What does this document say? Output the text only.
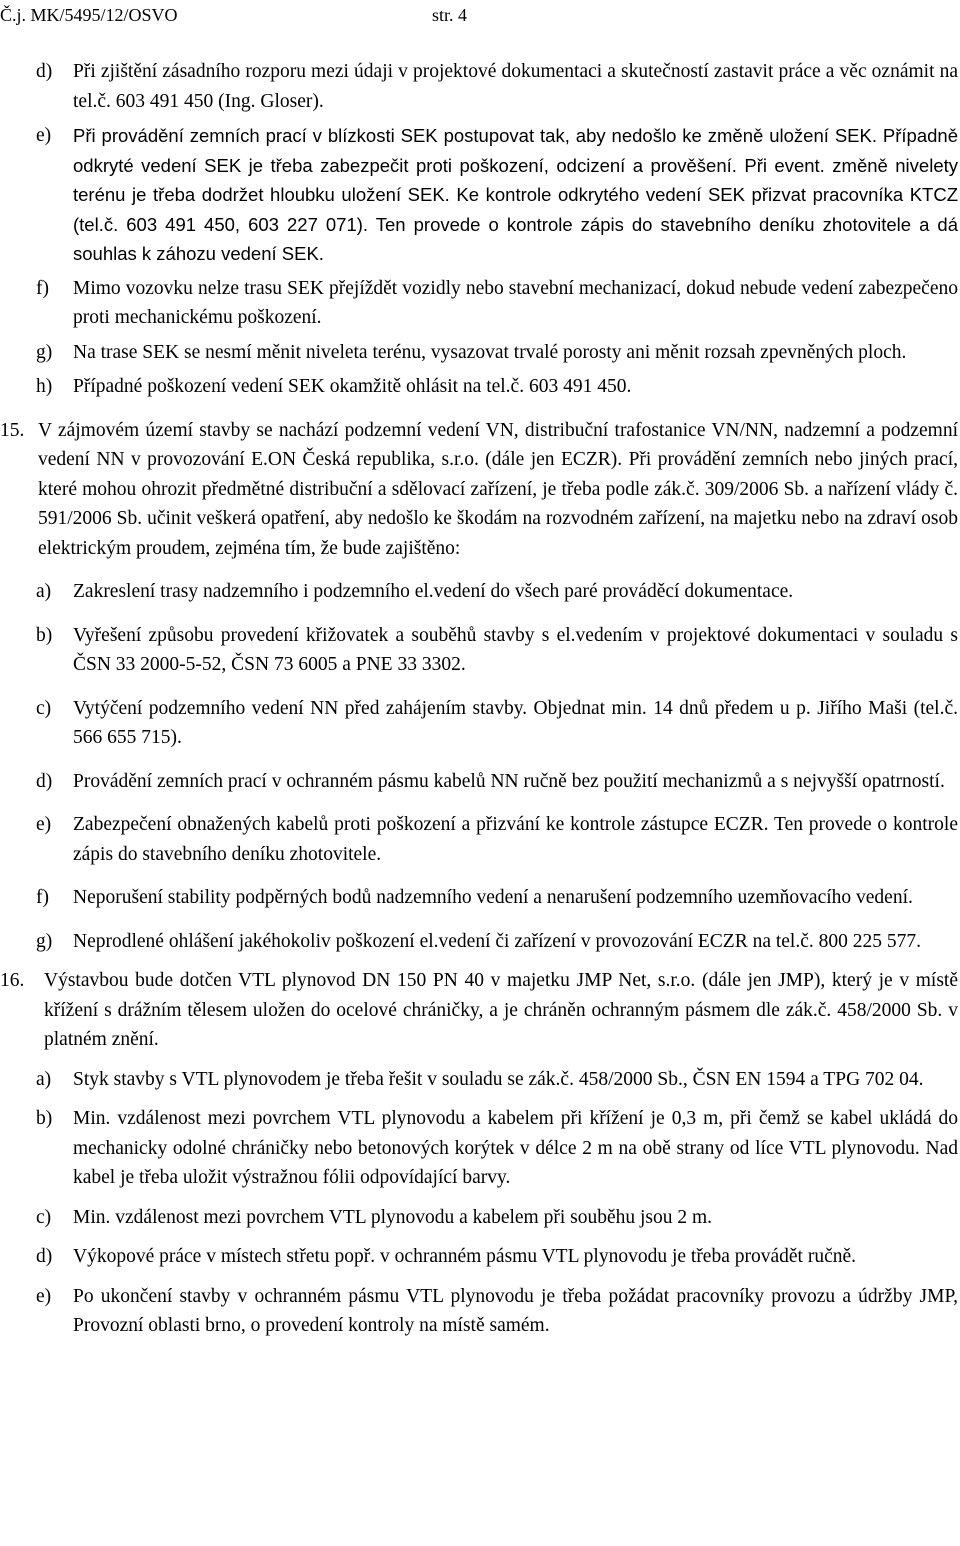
Č.j. MK/5495/12/OSVO	str. 4
d)	Při zjištění zásadního rozporu mezi údaji v projektové dokumentaci a skutečností zastavit práce a věc oznámit na tel.č. 603 491 450 (Ing. Gloser).
e)	Při provádění zemních prací v blízkosti SEK postupovat tak, aby nedošlo ke změně uložení SEK. Případně odkryté vedení SEK je třeba zabezpečit proti poškození, odcizení a prověšení. Při event. změně nivelety terénu je třeba dodržet hloubku uložení SEK. Ke kontrole odkrytého vedení SEK přizvat pracovníka KTCZ (tel.č. 603 491 450, 603 227 071). Ten provede o kontrole zápis do stavebního deníku zhotovitele a dá souhlas k záhozu vedení SEK.
f)	Mimo vozovku nelze trasu SEK přejíždět vozidly nebo stavební mechanizací, dokud nebude vedení zabezpečeno proti mechanickému poškození.
g)	Na trase SEK se nesmí měnit niveleta terénu, vysazovat trvalé porosty ani měnit rozsah zpevněných ploch.
h)	Případné poškození vedení SEK okamžitě ohlásit na tel.č. 603 491 450.
15. V zájmovém území stavby se nachází podzemní vedení VN, distribuční trafostanice VN/NN, nadzemní a podzemní vedení NN v provozování E.ON Česká republika, s.r.o. (dále jen ECZR). Při provádění zemních nebo jiných prací, které mohou ohrozit předmětné distribuční a sdělovací zařízení, je třeba podle zák.č. 309/2006 Sb. a nařízení vlády č. 591/2006 Sb. učinit veškerá opatření, aby nedošlo ke škodám na rozvodném zařízení, na majetku nebo na zdraví osob elektrickým proudem, zejména tím, že bude zajištěno:
a)	Zakreslení trasy nadzemního i podzemního el.vedení do všech paré prováděcí dokumentace.
b)	Vyřešení způsobu provedení křižovatek a souběhů stavby s el.vedením v projektové dokumentaci v souladu s ČSN 33 2000-5-52, ČSN 73 6005 a PNE 33 3302.
c)	Vytýčení podzemního vedení NN před zahájením stavby. Objednat min. 14 dnů předem u p. Jiřího Maši (tel.č. 566 655 715).
d)	Provádění zemních prací v ochranném pásmu kabelů NN ručně bez použití mechanizmů a s nejvyšší opatrností.
e)	Zabezpečení obnažených kabelů proti poškození a přizvání ke kontrole zástupce ECZR. Ten provede o kontrole zápis do stavebního deníku zhotovitele.
f)	Neporušení stability podpěrných bodů nadzemního vedení a nenarušení podzemního uzemňovacího vedení.
g)	Neprodlené ohlášení jakéhokoliv poškození el.vedení či zařízení v provozování ECZR na tel.č. 800 225 577.
16.	Výstavbou bude dotčen VTL plynovod DN 150 PN 40 v majetku JMP Net, s.r.o. (dále jen JMP), který je v místě křížení s drážním tělesem uložen do ocelové chráničky, a je chráněn ochranným pásmem dle zák.č. 458/2000 Sb. v platném znění.
a)	Styk stavby s VTL plynovodem je třeba řešit v souladu se zák.č. 458/2000 Sb., ČSN EN 1594 a TPG 702 04.
b)	Min. vzdálenost mezi povrchem VTL plynovodu a kabelem při křížení je 0,3 m, při čemž se kabel ukládá do mechanicky odolné chráničky nebo betonových korýtek v délce 2 m na obě strany od líce VTL plynovodu. Nad kabel je třeba uložit výstražnou fólii odpovídající barvy.
c)	Min. vzdálenost mezi povrchem VTL plynovodu a kabelem při souběhu jsou 2 m.
d)	Výkopové práce v místech střetu popř. v ochranném pásmu VTL plynovodu je třeba provádět ručně.
e)	Po ukončení stavby v ochranném pásmu VTL plynovodu je třeba požádat pracovníky provozu a údržby JMP, Provozní oblasti brno, o provedení kontroly na místě samém.
